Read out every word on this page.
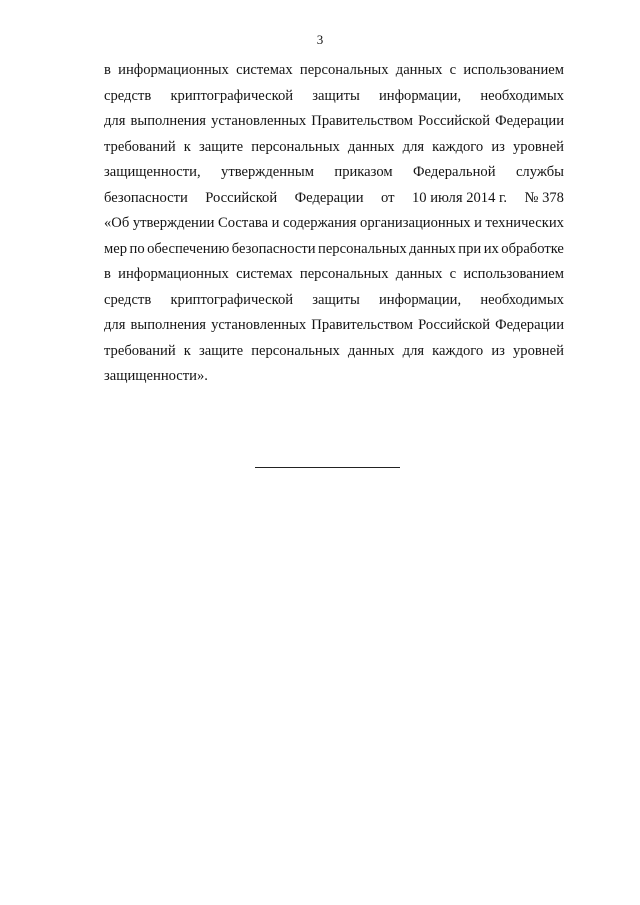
3
в информационных системах персональных данных с использованием
средств криптографической защиты информации, необходимых
для выполнения установленных Правительством Российской Федерации
требований к защите персональных данных для каждого из уровней
защищенности, утвержденным приказом Федеральной службы
безопасности Российской Федерации от 10 июля 2014 г. № 378
«Об утверждении Состава и содержания организационных и технических
мер по обеспечению безопасности персональных данных при их обработке
в информационных системах персональных данных с использованием
средств криптографической защиты информации, необходимых
для выполнения установленных Правительством Российской Федерации
требований к защите персональных данных для каждого из уровней
защищенности».
